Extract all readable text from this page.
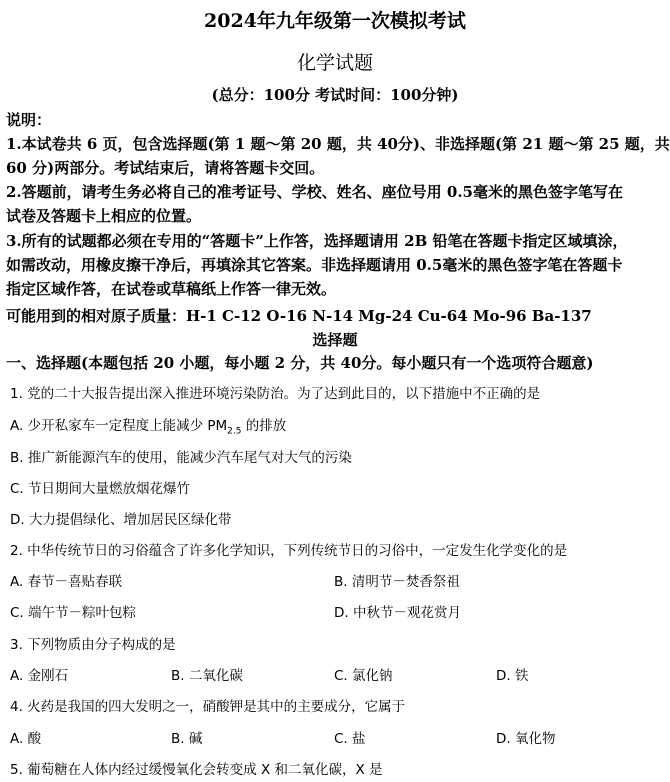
2024年九年级第一次模拟考试
化学试题
(总分：100分 考试时间：100分钟)
说明：
1.本试卷共 6 页，包含选择题(第 1 题～第 20 题，共 40分)、非选择题(第 21 题～第 25 题，共
60 分)两部分。考试结束后，请将答题卡交回。
2.答题前，请考生务必将自己的准考证号、学校、姓名、座位号用 0.5毫米的黑色签字笔写在
试卷及答题卡上相应的位置。
3.所有的试题都必须在专用的“答题卡”上作答，选择题请用 2B 铅笔在答题卡指定区域填涂，
如需改动，用橡皮擦干净后，再填涂其它答案。非选择题请用 0.5毫米的黑色签字笔在答题卡
指定区域作答，在试卷或草稿纸上作答一律无效。
可能用到的相对原子质量：H-1 C-12 O-16 N-14 Mg-24 Cu-64 Mo-96 Ba-137
选择题
一、选择题(本题包括 20 小题，每小题 2 分，共 40分。每小题只有一个选项符合题意)
1. 党的二十大报告提出深入推进环境污染防治。为了达到此目的，以下措施中不正确的是
A. 少开私家车一定程度上能减少 $PM_{2.5}$ 的排放
B. 推广新能源汽车的使用，能减少汽车尾气对大气的污染
C. 节日期间大量燃放烟花爆竹
D. 大力提倡绿化、增加居民区绿化带
2. 中华传统节日的习俗蕴含了许多化学知识，下列传统节日的习俗中，一定发生化学变化的是
A. 春节－喜贴春联	B. 清明节－焚香祭祖
C. 端午节－粽叶包粽	D. 中秋节－观花赏月
3. 下列物质由分子构成的是
A. 金刚石	B. 二氧化碳	C. 氯化钠	D. 铁
4. 火药是我国的四大发明之一，硝酸钾是其中的主要成分，它属于
A. 酸	B. 碱	C. 盐	D. 氧化物
5. 葡萄糖在人体内经过缓慢氧化会转变成 X 和二氧化碳，X 是
